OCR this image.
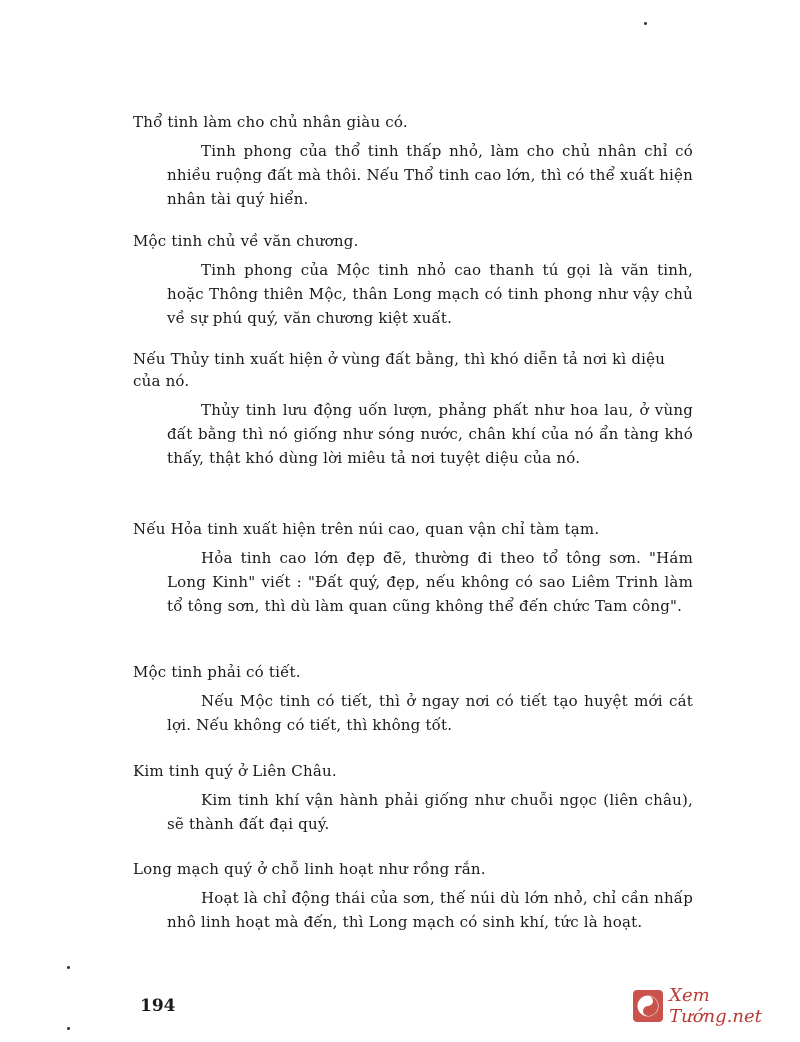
Thổ tinh làm cho chủ nhân giàu có.

Tinh phong của thổ tinh thấp nhỏ, làm cho chủ nhân chỉ có nhiều ruộng đất mà thôi. Nếu Thổ tinh cao lớn, thì có thể xuất hiện nhân tài quý hiển.

Mộc tinh chủ về văn chương.

Tinh phong của Mộc tinh nhỏ cao thanh tú gọi là văn tinh, hoặc Thông thiên Mộc, thân Long mạch có tinh phong như vậy chủ về sự phú quý, văn chương kiệt xuất.

Nếu Thủy tinh xuất hiện ở vùng đất bằng, thì khó diễn tả nơi kì diệu của nó.

Thủy tinh lưu động uốn lượn, phảng phất như hoa lau, ở vùng đất bằng thì nó giống như sóng nước, chân khí của nó ẩn tàng khó thấy, thật khó dùng lời miêu tả nơi tuyệt diệu của nó.

Nếu Hỏa tinh xuất hiện trên núi cao, quan vận chỉ tàm tạm.

Hỏa tinh cao lớn đẹp đẽ, thường đi theo tổ tông sơn. "Hám Long Kinh" viết : "Đất quý, đẹp, nếu không có sao Liêm Trinh làm tổ tông sơn, thì dù làm quan cũng không thể đến chức Tam công".

Mộc tinh phải có tiết.

Nếu Mộc tinh có tiết, thì ở ngay nơi có tiết tạo huyệt mới cát lợi. Nếu không có tiết, thì không tốt.

Kim tinh quý ở Liên Châu.

Kim tinh khí vận hành phải giống như chuỗi ngọc (liên châu), sẽ thành đất đại quý.

Long mạch quý ở chỗ linh hoạt như rồng rắn.

Hoạt là chỉ động thái của sơn, thế núi dù lớn nhỏ, chỉ cần nhấp nhô linh hoạt mà đến, thì Long mạch có sinh khí, tức là hoạt.

194	Xem Tướng.net
